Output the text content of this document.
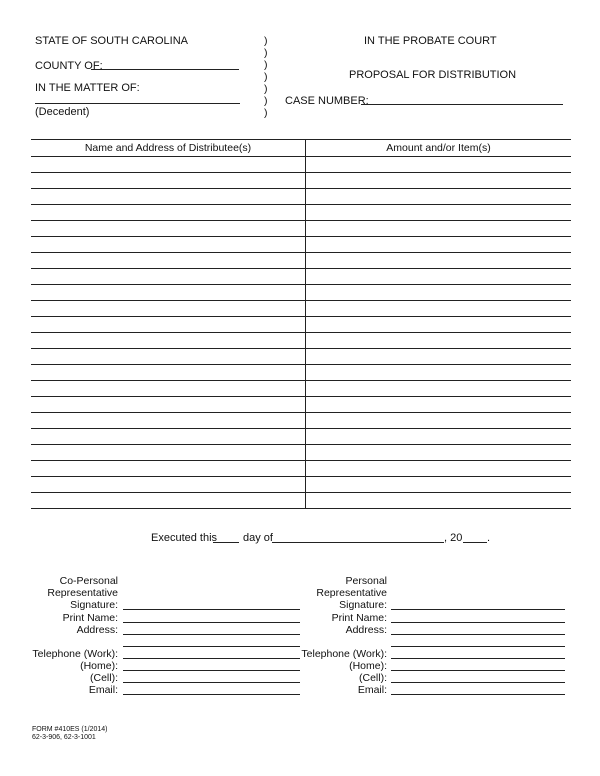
STATE OF SOUTH CAROLINA
COUNTY OF:
IN THE MATTER OF:
(Decedent)
)
)
)
)
)
)
)
IN THE PROBATE COURT
PROPOSAL FOR DISTRIBUTION
CASE NUMBER:
Name and Address of Distributee(s)	Amount and/or Item(s)
Executed this day of	, 20 .
Co-Personal
Representative
Signature:
Print Name:
Address:
Telephone (Work):
(Home):
(Cell):
Email:
Personal
Representative
Signature:
Print Name:
Address:
Telephone (Work):
(Home):
(Cell):
Email:
FORM #410ES (1/2014)
62-3-906, 62-3-1001
